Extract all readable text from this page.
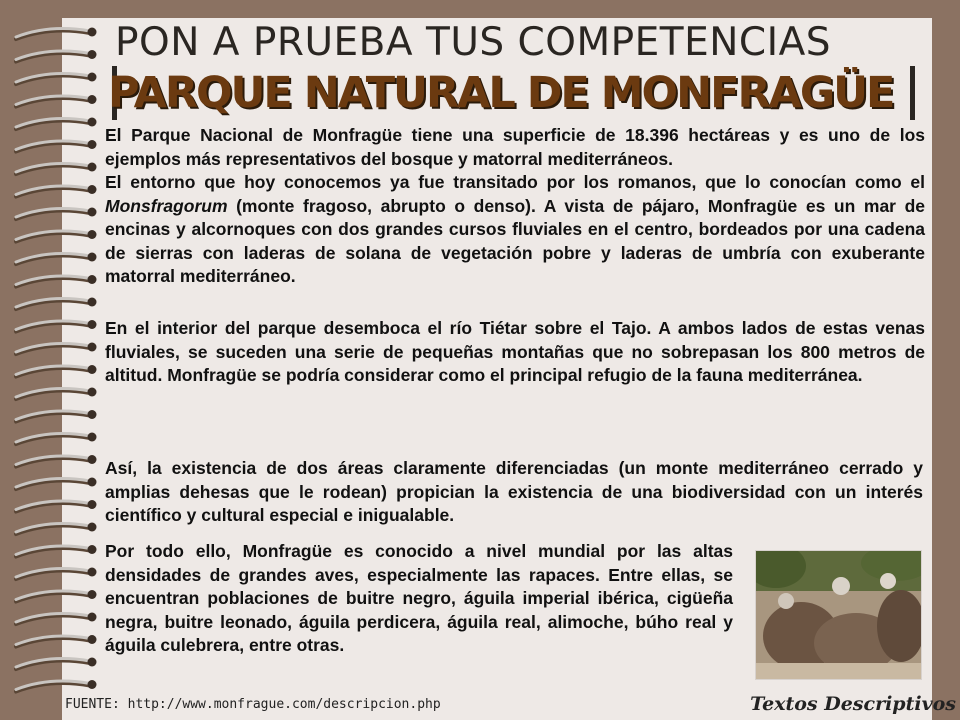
PON A PRUEBA TUS COMPETENCIAS
PARQUE NATURAL DE MONFRAGÜE

El Parque Nacional de Monfragüe tiene una superficie de 18.396 hectáreas y es uno de los ejemplos más representativos del bosque y matorral mediterráneos.

El entorno que hoy conocemos ya fue transitado por los romanos, que lo conocían como el Monsfragorum (monte fragoso, abrupto o denso). A vista de pájaro, Monfragüe es un mar de encinas y alcornoques con dos grandes cursos fluviales en el centro, bordeados por una cadena de sierras con laderas de solana de vegetación pobre y laderas de umbría con exuberante matorral mediterráneo.

En el interior del parque desemboca el río Tiétar sobre el Tajo. A ambos lados de estas venas fluviales, se suceden una serie de pequeñas montañas que no sobrepasan los 800 metros de altitud. Monfragüe se podría considerar como el principal refugio de la fauna mediterránea.

Así, la existencia de dos áreas claramente diferenciadas (un monte mediterráneo cerrado y amplias dehesas que le rodean) propician la existencia de una biodiversidad con un interés científico y cultural especial e inigualable.

Por todo ello, Monfragüe es conocido a nivel mundial por las altas densidades de grandes aves, especialmente las rapaces. Entre ellas, se encuentran poblaciones de buitre negro, águila imperial ibérica, cigüeña negra, buitre leonado, águila perdicera, águila real, alimoche, búho real y águila culebrera, entre otras.

FUENTE: http://www.monfrague.com/descripcion.php	Textos Descriptivos
